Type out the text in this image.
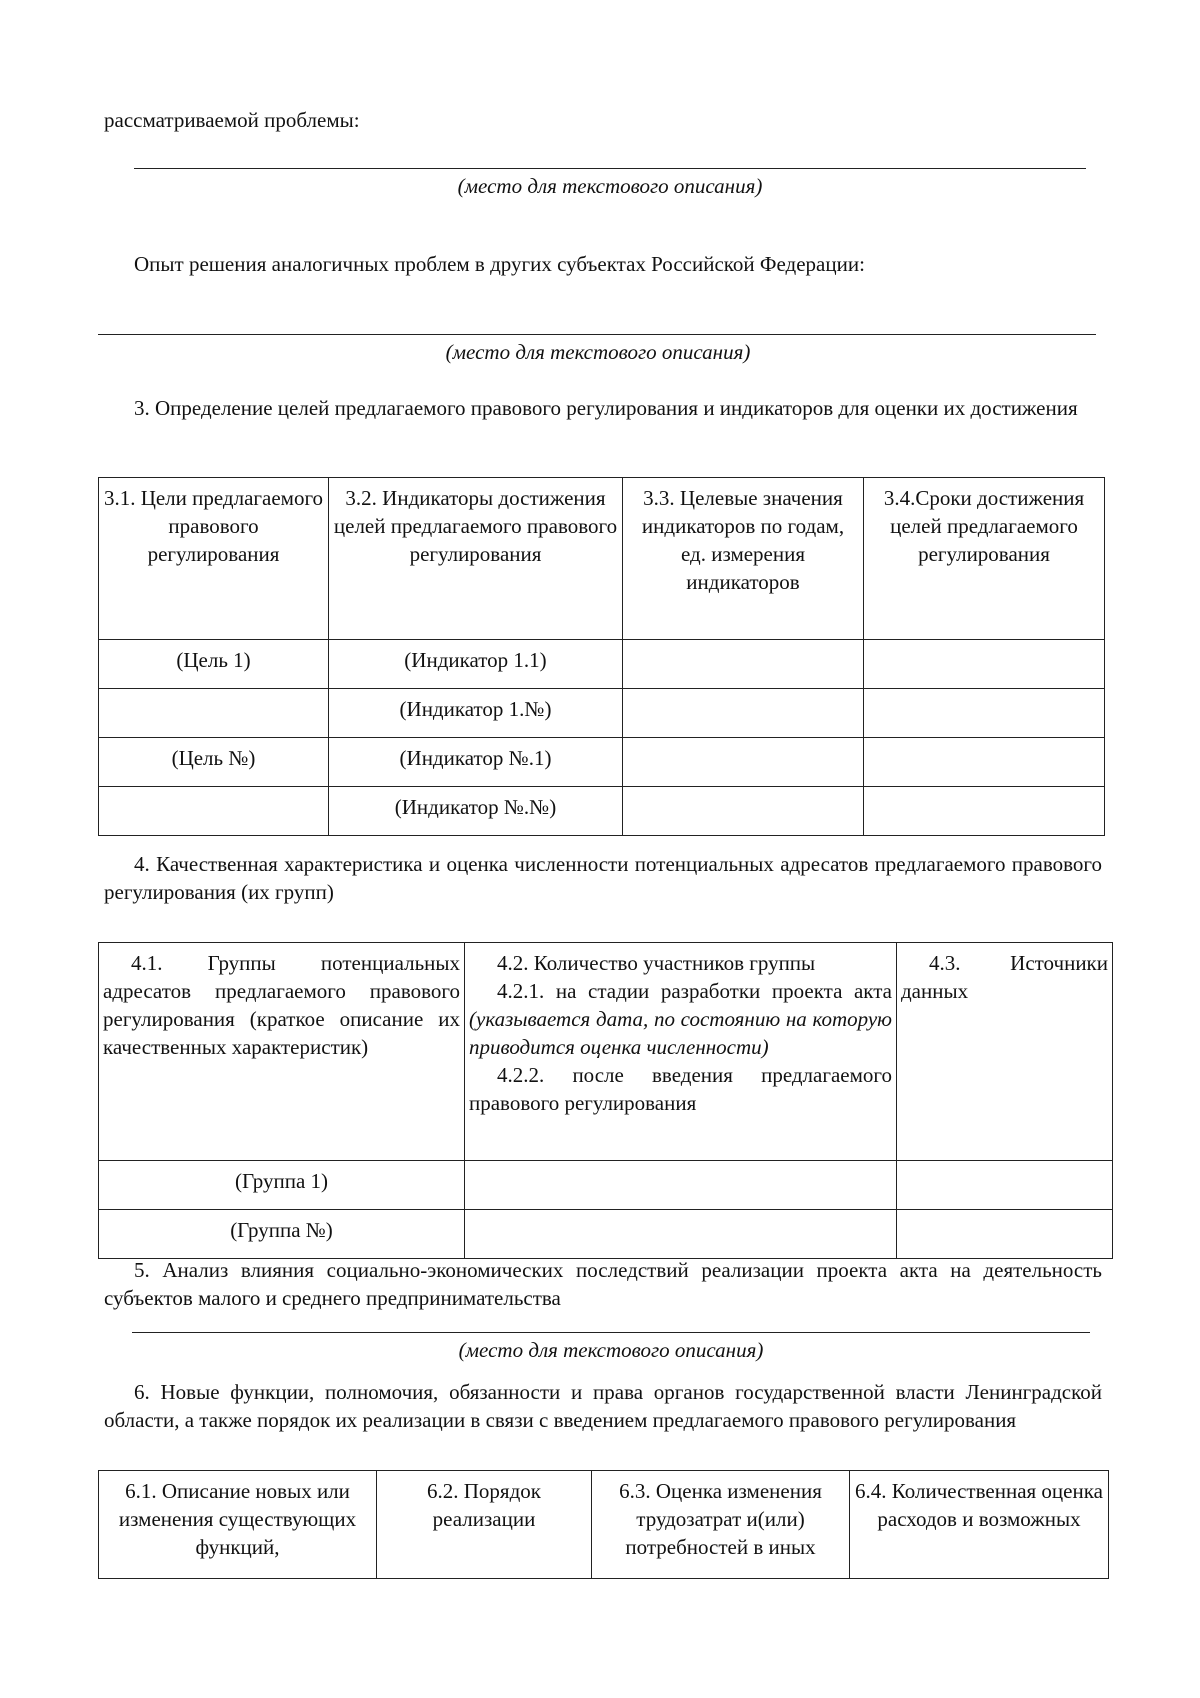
рассматриваемой проблемы:
(место для текстового описания)
Опыт решения аналогичных проблем в других субъектах Российской Федерации:
(место для текстового описания)
3. Определение целей предлагаемого правового регулирования и индикаторов для оценки их достижения
3.1. Цели предлагаемого правового регулирования	3.2. Индикаторы достижения целей предлагаемого правового регулирования	3.3. Целевые значения индикаторов по годам, ед. измерения индикаторов	3.4.Сроки достижения целей предлагаемого регулирования
(Цель 1)	(Индикатор 1.1)		
	(Индикатор 1.№)		
(Цель №)	(Индикатор №.1)		
	(Индикатор №.№)		
4. Качественная характеристика и оценка численности потенциальных адресатов предлагаемого правового регулирования (их групп)
4.1. Группы потенциальных адресатов предлагаемого правового регулирования (краткое описание их качественных характеристик)	4.2. Количество участников группы
4.2.1. на стадии разработки проекта акта (указывается дата, по состоянию на которую приводится оценка численности)
4.2.2. после введения предлагаемого правового регулирования	4.3. Источники данных
(Группа 1)		
(Группа №)		
5. Анализ влияния социально-экономических последствий реализации проекта акта на деятельность субъектов малого и среднего предпринимательства
(место для текстового описания)
6. Новые функции, полномочия, обязанности и права органов государственной власти Ленинградской области, а также порядок их реализации в связи с введением предлагаемого правового регулирования
6.1. Описание новых или изменения существующих функций,	6.2. Порядок реализации	6.3. Оценка изменения трудозатрат и(или) потребностей в иных	6.4. Количественная оценка расходов и возможных
